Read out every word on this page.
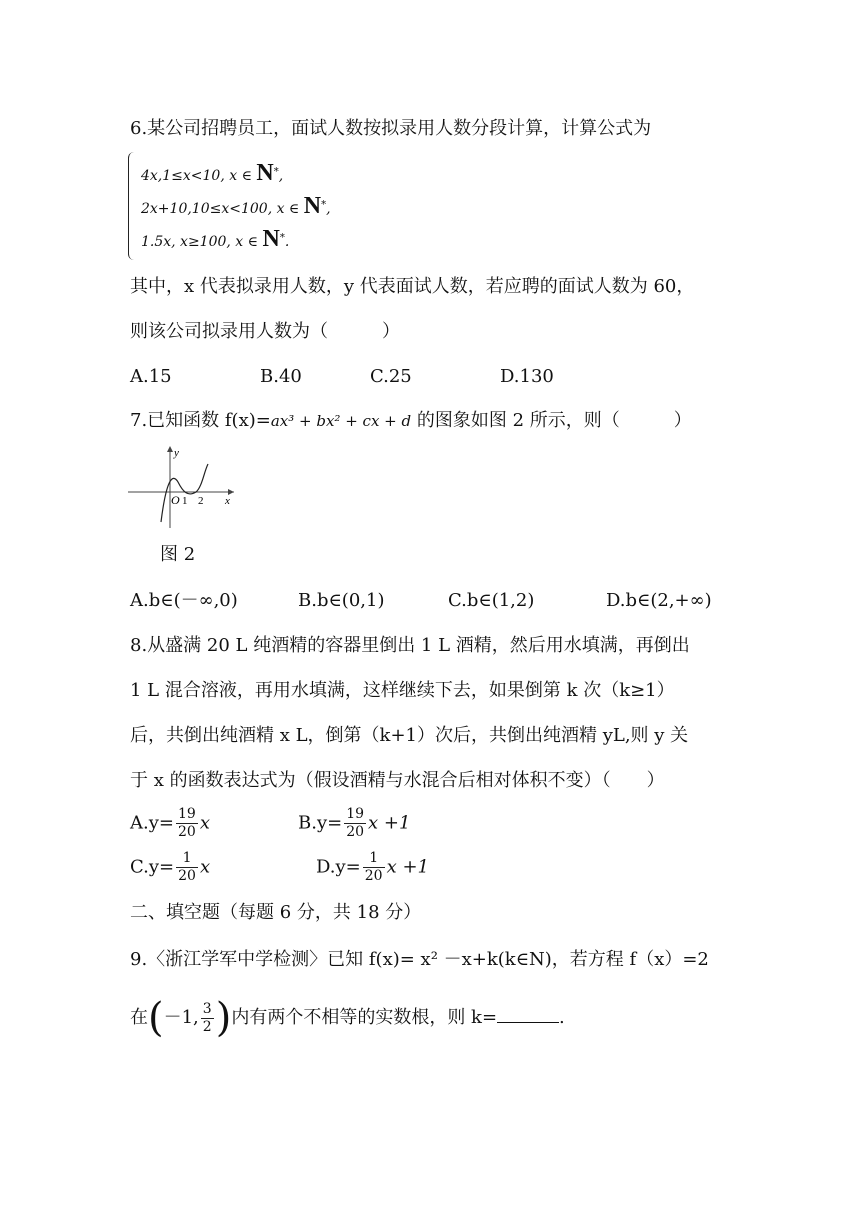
6.某公司招聘员工，面试人数按拟录用人数分段计算，计算公式为
4x,1≤x<10, x ∈ N*,
2x+10,10≤x<100, x ∈ N*,
1.5x, x≥100, x ∈ N*.
其中，x 代表拟录用人数，y 代表面试人数，若应聘的面试人数为 60，
则该公司拟录用人数为（　　　）
A.15	B.40	C.25	D.130
7.已知函数 f(x)=ax³ + bx² + cx + d 的图象如图 2 所示，则（　　　）
y
x
O 1 2
图 2
A.b∈(－∞,0)	B.b∈(0,1)	C.b∈(1,2)	D.b∈(2,+∞)
8.从盛满 20 L 纯酒精的容器里倒出 1 L 酒精，然后用水填满，再倒出
1 L 混合溶液，再用水填满，这样继续下去，如果倒第 k 次（k≥1）
后，共倒出纯酒精 x L，倒第（k+1）次后，共倒出纯酒精 yL,则 y 关
于 x 的函数表达式为（假设酒精与水混合后相对体积不变）（　　）
$A.y= \frac{19}{20}$ x	$B.y= \frac{19}{20}$ x +1
$C.y= \frac{1}{20}$ x	$D.y= \frac{1}{20}$ x +1
二、填空题（每题 6 分，共 18 分）
9.〈浙江学军中学检测〉已知 f(x)= x² －x+k(k∈N)，若方程 f（x）=2
在(－1, $\frac{3}{2}$ )内有两个不相等的实数根，则 k=	.
